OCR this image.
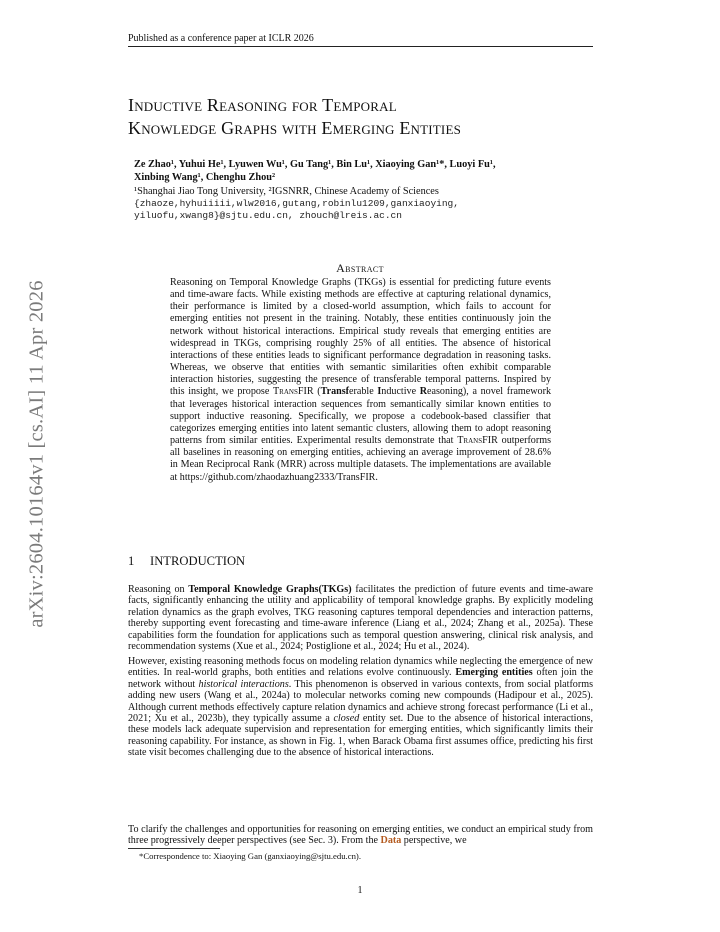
Published as a conference paper at ICLR 2026
Inductive Reasoning for Temporal
Knowledge Graphs with Emerging Entities
Ze Zhao¹, Yuhui He¹, Lyuwen Wu¹, Gu Tang¹, Bin Lu¹, Xiaoying Gan¹*, Luoyi Fu¹,
Xinbing Wang¹, Chenghu Zhou²
¹Shanghai Jiao Tong University, ²IGSNRR, Chinese Academy of Sciences
{zhaoze,hyhuiiiii,wlw2016,gutang,robinlu1209,ganxiaoying,
yiluofu,xwang8}@sjtu.edu.cn, zhouch@lreis.ac.cn
arXiv:2604.10164v1 [cs.AI] 11 Apr 2026
Abstract
Reasoning on Temporal Knowledge Graphs (TKGs) is essential for predicting future events and time-aware facts. While existing methods are effective at capturing relational dynamics, their performance is limited by a closed-world assumption, which fails to account for emerging entities not present in the training. Notably, these entities continuously join the network without historical interactions. Empirical study reveals that emerging entities are widespread in TKGs, comprising roughly 25% of all entities. The absence of historical interactions of these entities leads to significant performance degradation in reasoning tasks. Whereas, we observe that entities with semantic similarities often exhibit comparable interaction histories, suggesting the presence of transferable temporal patterns. Inspired by this insight, we propose TransFIR (Transferable Inductive Reasoning), a novel framework that leverages historical interaction sequences from semantically similar known entities to support inductive reasoning. Specifically, we propose a codebook-based classifier that categorizes emerging entities into latent semantic clusters, allowing them to adopt reasoning patterns from similar entities. Experimental results demonstrate that TransFIR outperforms all baselines in reasoning on emerging entities, achieving an average improvement of 28.6% in Mean Reciprocal Rank (MRR) across multiple datasets. The implementations are available at https://github.com/zhaodazhuang2333/TransFIR.
1 INTRODUCTION

Reasoning on Temporal Knowledge Graphs(TKGs) facilitates the prediction of future events and time-aware facts, significantly enhancing the utility and applicability of temporal knowledge graphs. By explicitly modeling relation dynamics as the graph evolves, TKG reasoning captures temporal dependencies and interaction patterns, thereby supporting event forecasting and time-aware inference (Liang et al., 2024; Zhang et al., 2025a). These capabilities form the foundation for applications such as temporal question answering, clinical risk analysis, and recommendation systems (Xue et al., 2024; Postiglione et al., 2024; Hu et al., 2024).

However, existing reasoning methods focus on modeling relation dynamics while neglecting the emergence of new entities. In real-world graphs, both entities and relations evolve continuously. Emerging entities often join the network without historical interactions. This phenomenon is observed in various contexts, from social platforms adding new users (Wang et al., 2024a) to molecular networks coming new compounds (Hadipour et al., 2025). Although current methods effectively capture relation dynamics and achieve strong forecast performance (Li et al., 2021; Xu et al., 2023b), they typically assume a closed entity set. Due to the absence of historical interactions, these models lack adequate supervision and representation for emerging entities, which significantly limits their reasoning capability. For instance, as shown in Fig. 1, when Barack Obama first assumes office, predicting his first state visit becomes challenging due to the absence of historical interactions.

To clarify the challenges and opportunities for reasoning on emerging entities, we conduct an empirical study from three progressively deeper perspectives (see Sec. 3). From the Data perspective, we

*Correspondence to: Xiaoying Gan (ganxiaoying@sjtu.edu.cn).
1
